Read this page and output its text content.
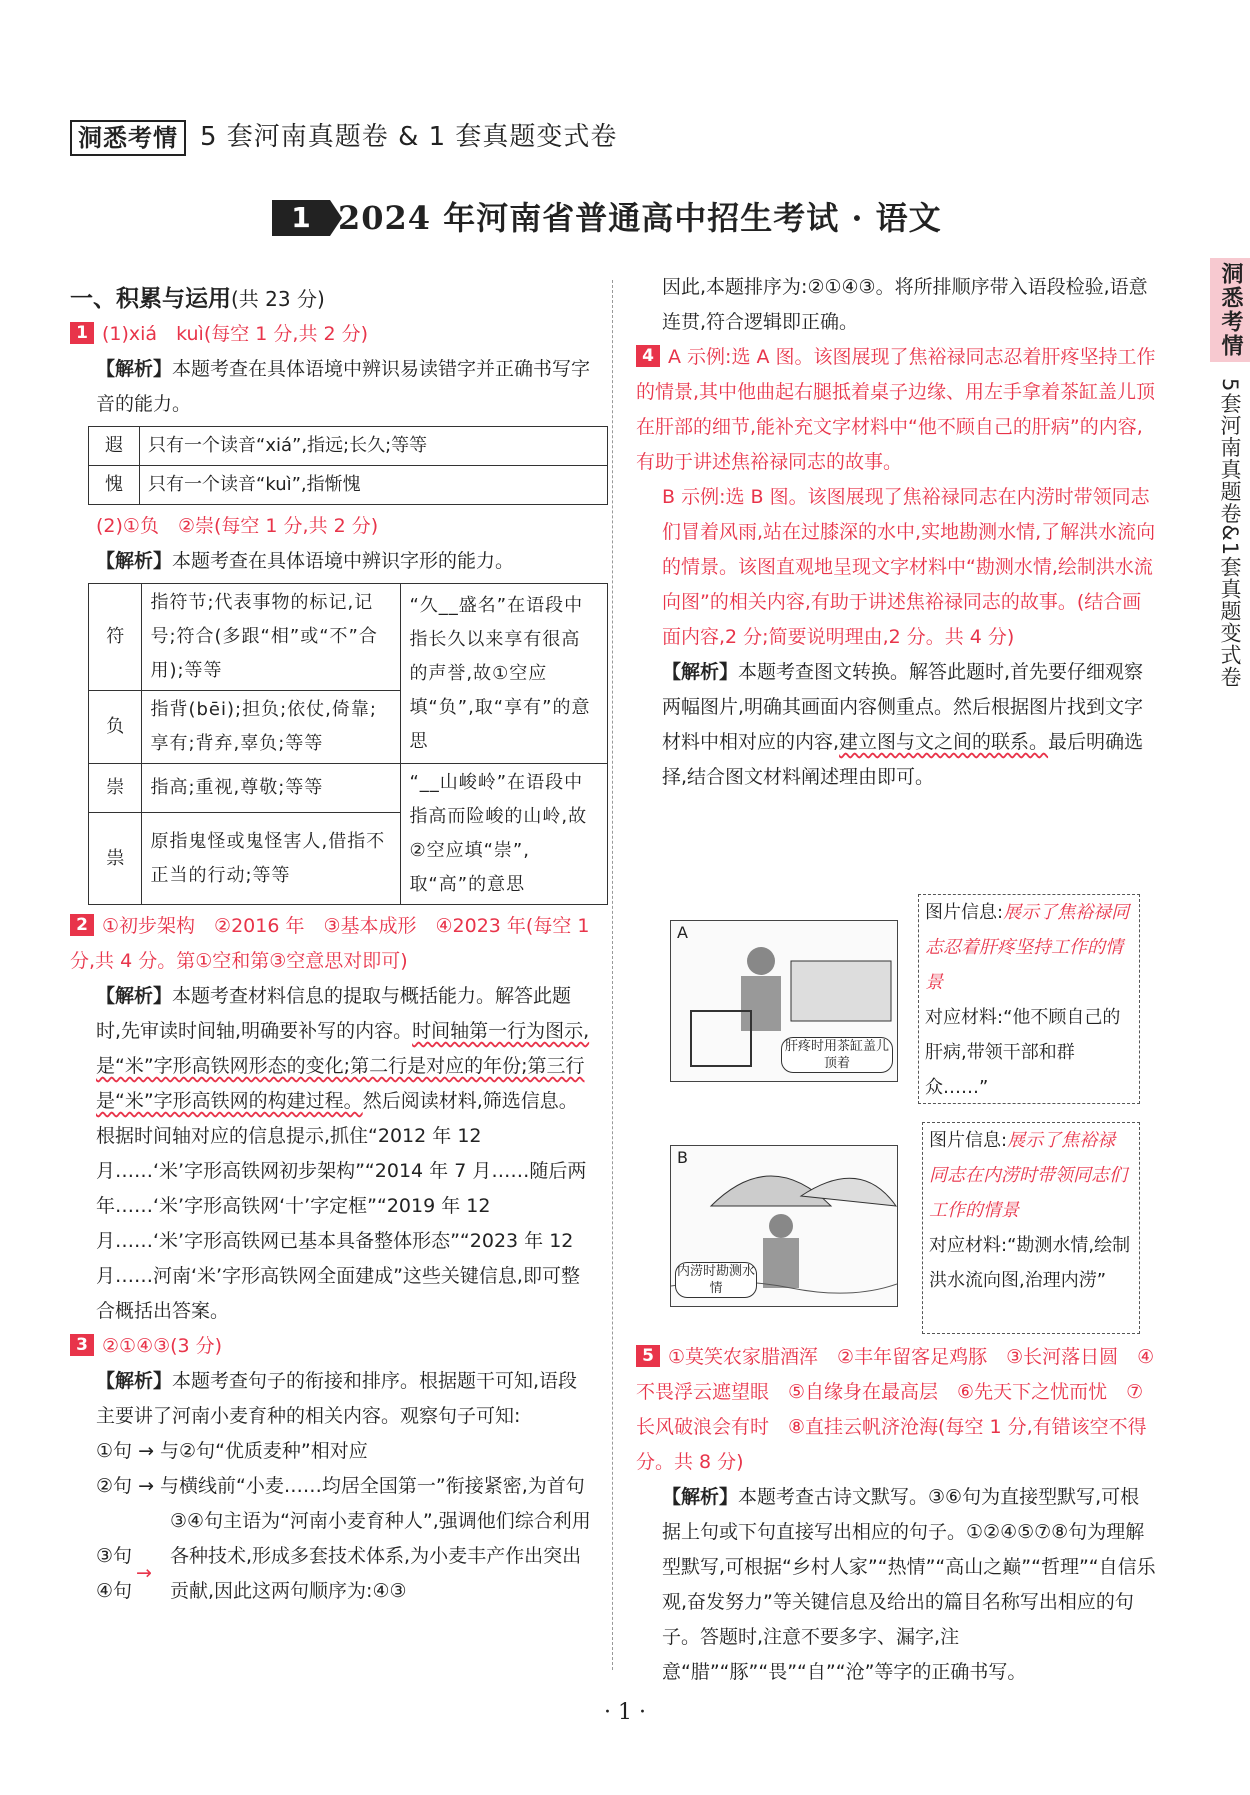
洞悉考情 5 套河南真题卷 & 1 套真题变式卷
1 2024 年河南省普通高中招生考试 · 语文
洞悉考情
5套河南真题卷&1套真题变式卷

一、积累与运用(共 23 分)

1 (1)xiá　kuì(每空 1 分,共 2 分)

【解析】本题考查在具体语境中辨识易读错字并正确书写字音的能力。

遐	只有一个读音“xiá”,指远;长久;等等
愧	只有一个读音“kuì”,指惭愧

(2)①负　②崇(每空 1 分,共 2 分)

【解析】本题考查在具体语境中辨识字形的能力。

符	指符节;代表事物的标记,记号;符合(多跟“相”或“不”合用);等等	“久__盛名”在语段中指长久以来享有很高的声誉,故①空应填“负”,取“享有”的意思
负	指背(bēi);担负;依仗,倚靠;享有;背弃,辜负;等等	
崇	指高;重视,尊敬;等等	“__山峻岭”在语段中指高而险峻的山岭,故②空应填“崇”,取“高”的意思
祟	原指鬼怪或鬼怪害人,借指不正当的行动;等等	

2 ①初步架构　②2016 年　③基本成形　④2023 年(每空 1 分,共 4 分。第①空和第③空意思对即可)

【解析】本题考查材料信息的提取与概括能力。解答此题时,先审读时间轴,明确要补写的内容。时间轴第一行为图示,是“米”字形高铁网形态的变化;第二行是对应的年份;第三行是“米”字形高铁网的构建过程。然后阅读材料,筛选信息。根据时间轴对应的信息提示,抓住“2012 年 12 月……‘米’字形高铁网初步架构”“2014 年 7 月……随后两年……‘米’字形高铁网‘十’字定框”“2019 年 12 月……‘米’字形高铁网已基本具备整体形态”“2023 年 12 月……河南‘米’字形高铁网全面建成”这些关键信息,即可整合概括出答案。

3 ②①④③(3 分)

【解析】本题考查句子的衔接和排序。根据题干可知,语段主要讲了河南小麦育种的相关内容。观察句子可知:

①句 → 与②句“优质麦种”相对应

②句 → 与横线前“小麦……均居全国第一”衔接紧密,为首句

③句
④句
→

③④句主语为“河南小麦育种人”,强调他们综合利用各种技术,形成多套技术体系,为小麦丰产作出突出贡献,因此这两句顺序为:④③

因此,本题排序为:②①④③。将所排顺序带入语段检验,语意连贯,符合逻辑即正确。

4 A 示例:选 A 图。该图展现了焦裕禄同志忍着肝疼坚持工作的情景,其中他曲起右腿抵着桌子边缘、用左手拿着茶缸盖儿顶在肝部的细节,能补充文字材料中“他不顾自己的肝病”的内容,有助于讲述焦裕禄同志的故事。

B 示例:选 B 图。该图展现了焦裕禄同志在内涝时带领同志们冒着风雨,站在过膝深的水中,实地勘测水情,了解洪水流向的情景。该图直观地呈现文字材料中“勘测水情,绘制洪水流向图”的相关内容,有助于讲述焦裕禄同志的故事。(结合画面内容,2 分;简要说明理由,2 分。共 4 分)

【解析】本题考查图文转换。解答此题时,首先要仔细观察两幅图片,明确其画面内容侧重点。然后根据图片找到文字材料中相对应的内容,建立图与文之间的联系。最后明确选择,结合图文材料阐述理由即可。

A
肝疼时用茶缸盖儿顶着
图片信息:展示了焦裕禄同志忍着肝疼坚持工作的情景
对应材料:“他不顾自己的肝病,带领干部和群众……”
B
内涝时勘测水情
图片信息:展示了焦裕禄同志在内涝时带领同志们工作的情景
对应材料:“勘测水情,绘制洪水流向图,治理内涝”

5 ①莫笑农家腊酒浑　②丰年留客足鸡豚　③长河落日圆　④不畏浮云遮望眼　⑤自缘身在最高层　⑥先天下之忧而忧　⑦长风破浪会有时　⑧直挂云帆济沧海(每空 1 分,有错该空不得分。共 8 分)

【解析】本题考查古诗文默写。③⑥句为直接型默写,可根据上句或下句直接写出相应的句子。①②④⑤⑦⑧句为理解型默写,可根据“乡村人家”“热情”“高山之巅”“哲理”“自信乐观,奋发努力”等关键信息及给出的篇目名称写出相应的句子。答题时,注意不要多字、漏字,注意“腊”“豚”“畏”“自”“沧”等字的正确书写。

· 1 ·
